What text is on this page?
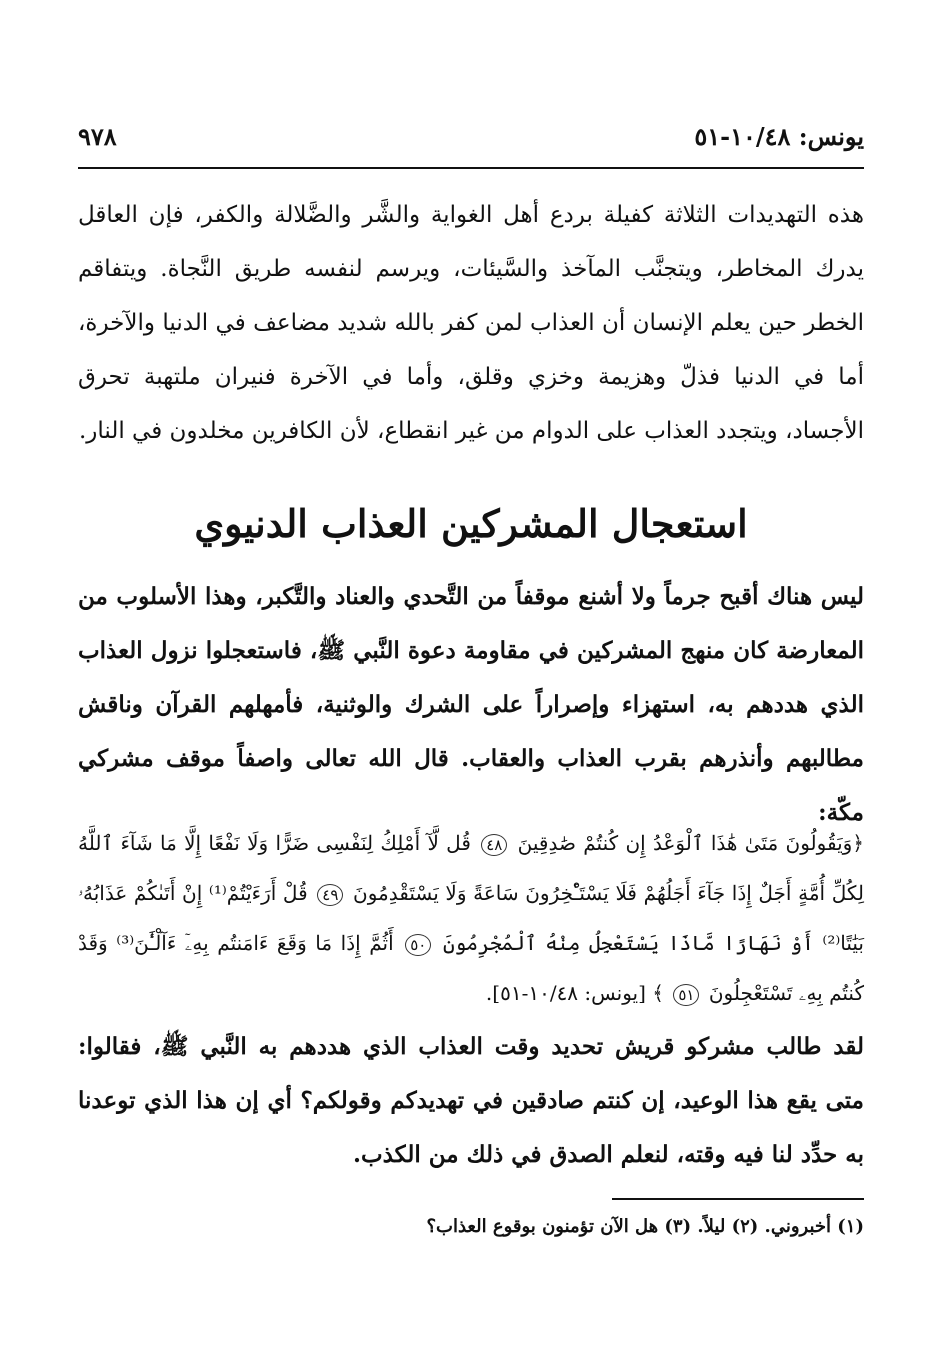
يونس: ١٠/٤٨-٥١
٩٧٨
هذه التهديدات الثلاثة كفيلة بردع أهل الغواية والشَّر والضَّلالة والكفر، فإن العاقل يدرك المخاطر، ويتجنَّب المآخذ والسَّيئات، ويرسم لنفسه طريق النَّجاة. ويتفاقم الخطر حين يعلم الإنسان أن العذاب لمن كفر بالله شديد مضاعف في الدنيا والآخرة، أما في الدنيا فذلّ وهزيمة وخزي وقلق، وأما في الآخرة فنيران ملتهبة تحرق الأجساد، ويتجدد العذاب على الدوام من غير انقطاع، لأن الكافرين مخلدون في النار.
استعجال المشركين العذاب الدنيوي
ليس هناك أقبح جرماً ولا أشنع موقفاً من التَّحدي والعناد والتَّكبر، وهذا الأسلوب من المعارضة كان منهج المشركين في مقاومة دعوة النَّبي ﷺ، فاستعجلوا نزول العذاب الذي هددهم به، استهزاء وإصراراً على الشرك والوثنية، فأمهلهم القرآن وناقش مطالبهم وأنذرهم بقرب العذاب والعقاب. قال الله تعالى واصفاً موقف مشركي مكّة:
﴿وَيَقُولُونَ مَتَىٰ هَٰذَا ٱلْوَعْدُ إِن كُنتُمْ صَٰدِقِينَ ٤٨ قُل لَّآ أَمْلِكُ لِنَفْسِى ضَرًّا وَلَا نَفْعًا إِلَّا مَا شَآءَ ٱللَّهُ لِكُلِّ أُمَّةٍ أَجَلٌ إِذَا جَآءَ أَجَلُهُمْ فَلَا يَسْتَـْٔخِرُونَ سَاعَةً وَلَا يَسْتَقْدِمُونَ ٤٩ قُلْ أَرَءَيْتُمْ⁽¹⁾ إِنْ أَتَىٰكُمْ عَذَابُهُۥ بَيَٰتًا⁽²⁾ أَوْ نَهَارًا مَّاذَا يَسْتَعْجِلُ مِنْهُ ٱلْمُجْرِمُونَ ٥٠ أَثُمَّ إِذَا مَا وَقَعَ ءَامَنتُم بِهِۦٓ ءَآلْـَٰٔنَ⁽³⁾ وَقَدْ كُنتُم بِهِۦ تَسْتَعْجِلُونَ ٥١ ﴾ [يونس: ١٠/٤٨-٥١].
لقد طالب مشركو قريش تحديد وقت العذاب الذي هددهم به النَّبي ﷺ، فقالوا: متى يقع هذا الوعيد، إن كنتم صادقين في تهديدكم وقولكم؟ أي إن هذا الذي توعدنا به حدِّد لنا فيه وقته، لنعلم الصدق في ذلك من الكذب.
(١) أخبروني. (٢) ليلاً. (٣) هل الآن تؤمنون بوقوع العذاب؟
